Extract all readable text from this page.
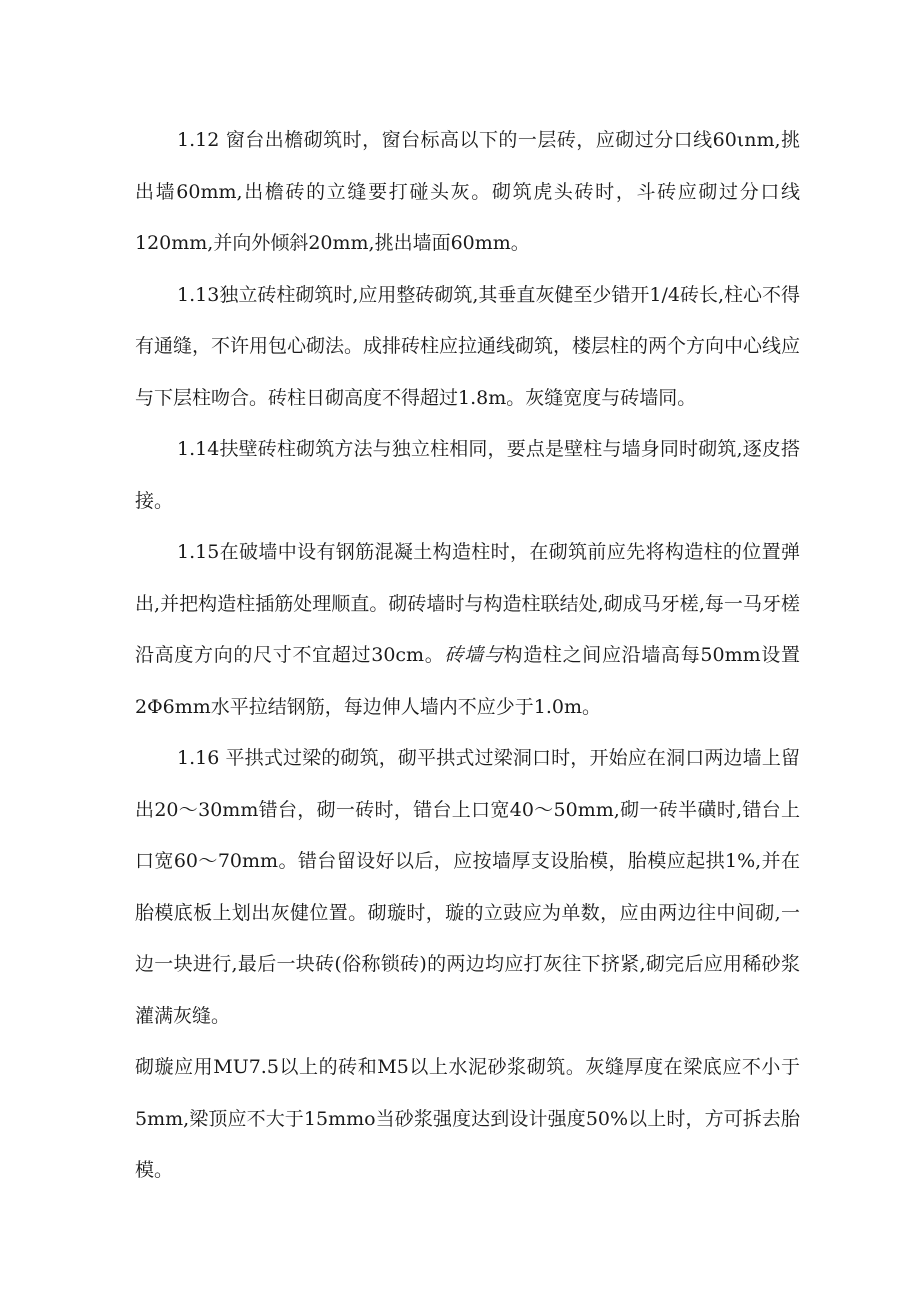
1.12 窗台出檐砌筑时，窗台标高以下的一层砖，应砌过分口线60ιnm,挑出墙60mm,出檐砖的立缝要打碰头灰。砌筑虎头砖时，斗砖应砌过分口线120mm,并向外倾斜20mm,挑出墙面60mm。

1.13独立砖柱砌筑时,应用整砖砌筑,其垂直灰健至少错开1/4砖长,柱心不得有通缝，不许用包心砌法。成排砖柱应拉通线砌筑，楼层柱的两个方向中心线应与下层柱吻合。砖柱日砌高度不得超过1.8m。灰缝宽度与砖墙同。

1.14扶壁砖柱砌筑方法与独立柱相同，要点是壁柱与墙身同时砌筑,逐皮搭接。

1.15在破墙中设有钢筋混凝土构造柱时，在砌筑前应先将构造柱的位置弹出,并把构造柱插筋处理顺直。砌砖墙时与构造柱联结处,砌成马牙槎,每一马牙槎沿高度方向的尺寸不宜超过30cm。砖墙与构造柱之间应沿墙高每50mm设置2Φ6mm水平拉结钢筋，每边伸人墙内不应少于1.0m。

1.16 平拱式过梁的砌筑，砌平拱式过梁洞口时，开始应在洞口两边墙上留出20～30mm错台，砌一砖时，错台上口宽40～50mm,砌一砖半磺时,错台上口宽60～70mm。错台留设好以后，应按墙厚支设胎模，胎模应起拱1%,并在胎模底板上划出灰健位置。砌璇时，璇的立豉应为单数，应由两边往中间砌,一边一块进行,最后一块砖(俗称锁砖)的两边均应打灰往下挤紧,砌完后应用稀砂浆灌满灰缝。

砌璇应用MU7.5以上的砖和M5以上水泥砂浆砌筑。灰缝厚度在梁底应不小于5mm,梁顶应不大于15mmo当砂浆强度达到设计强度50%以上时，方可拆去胎模。
